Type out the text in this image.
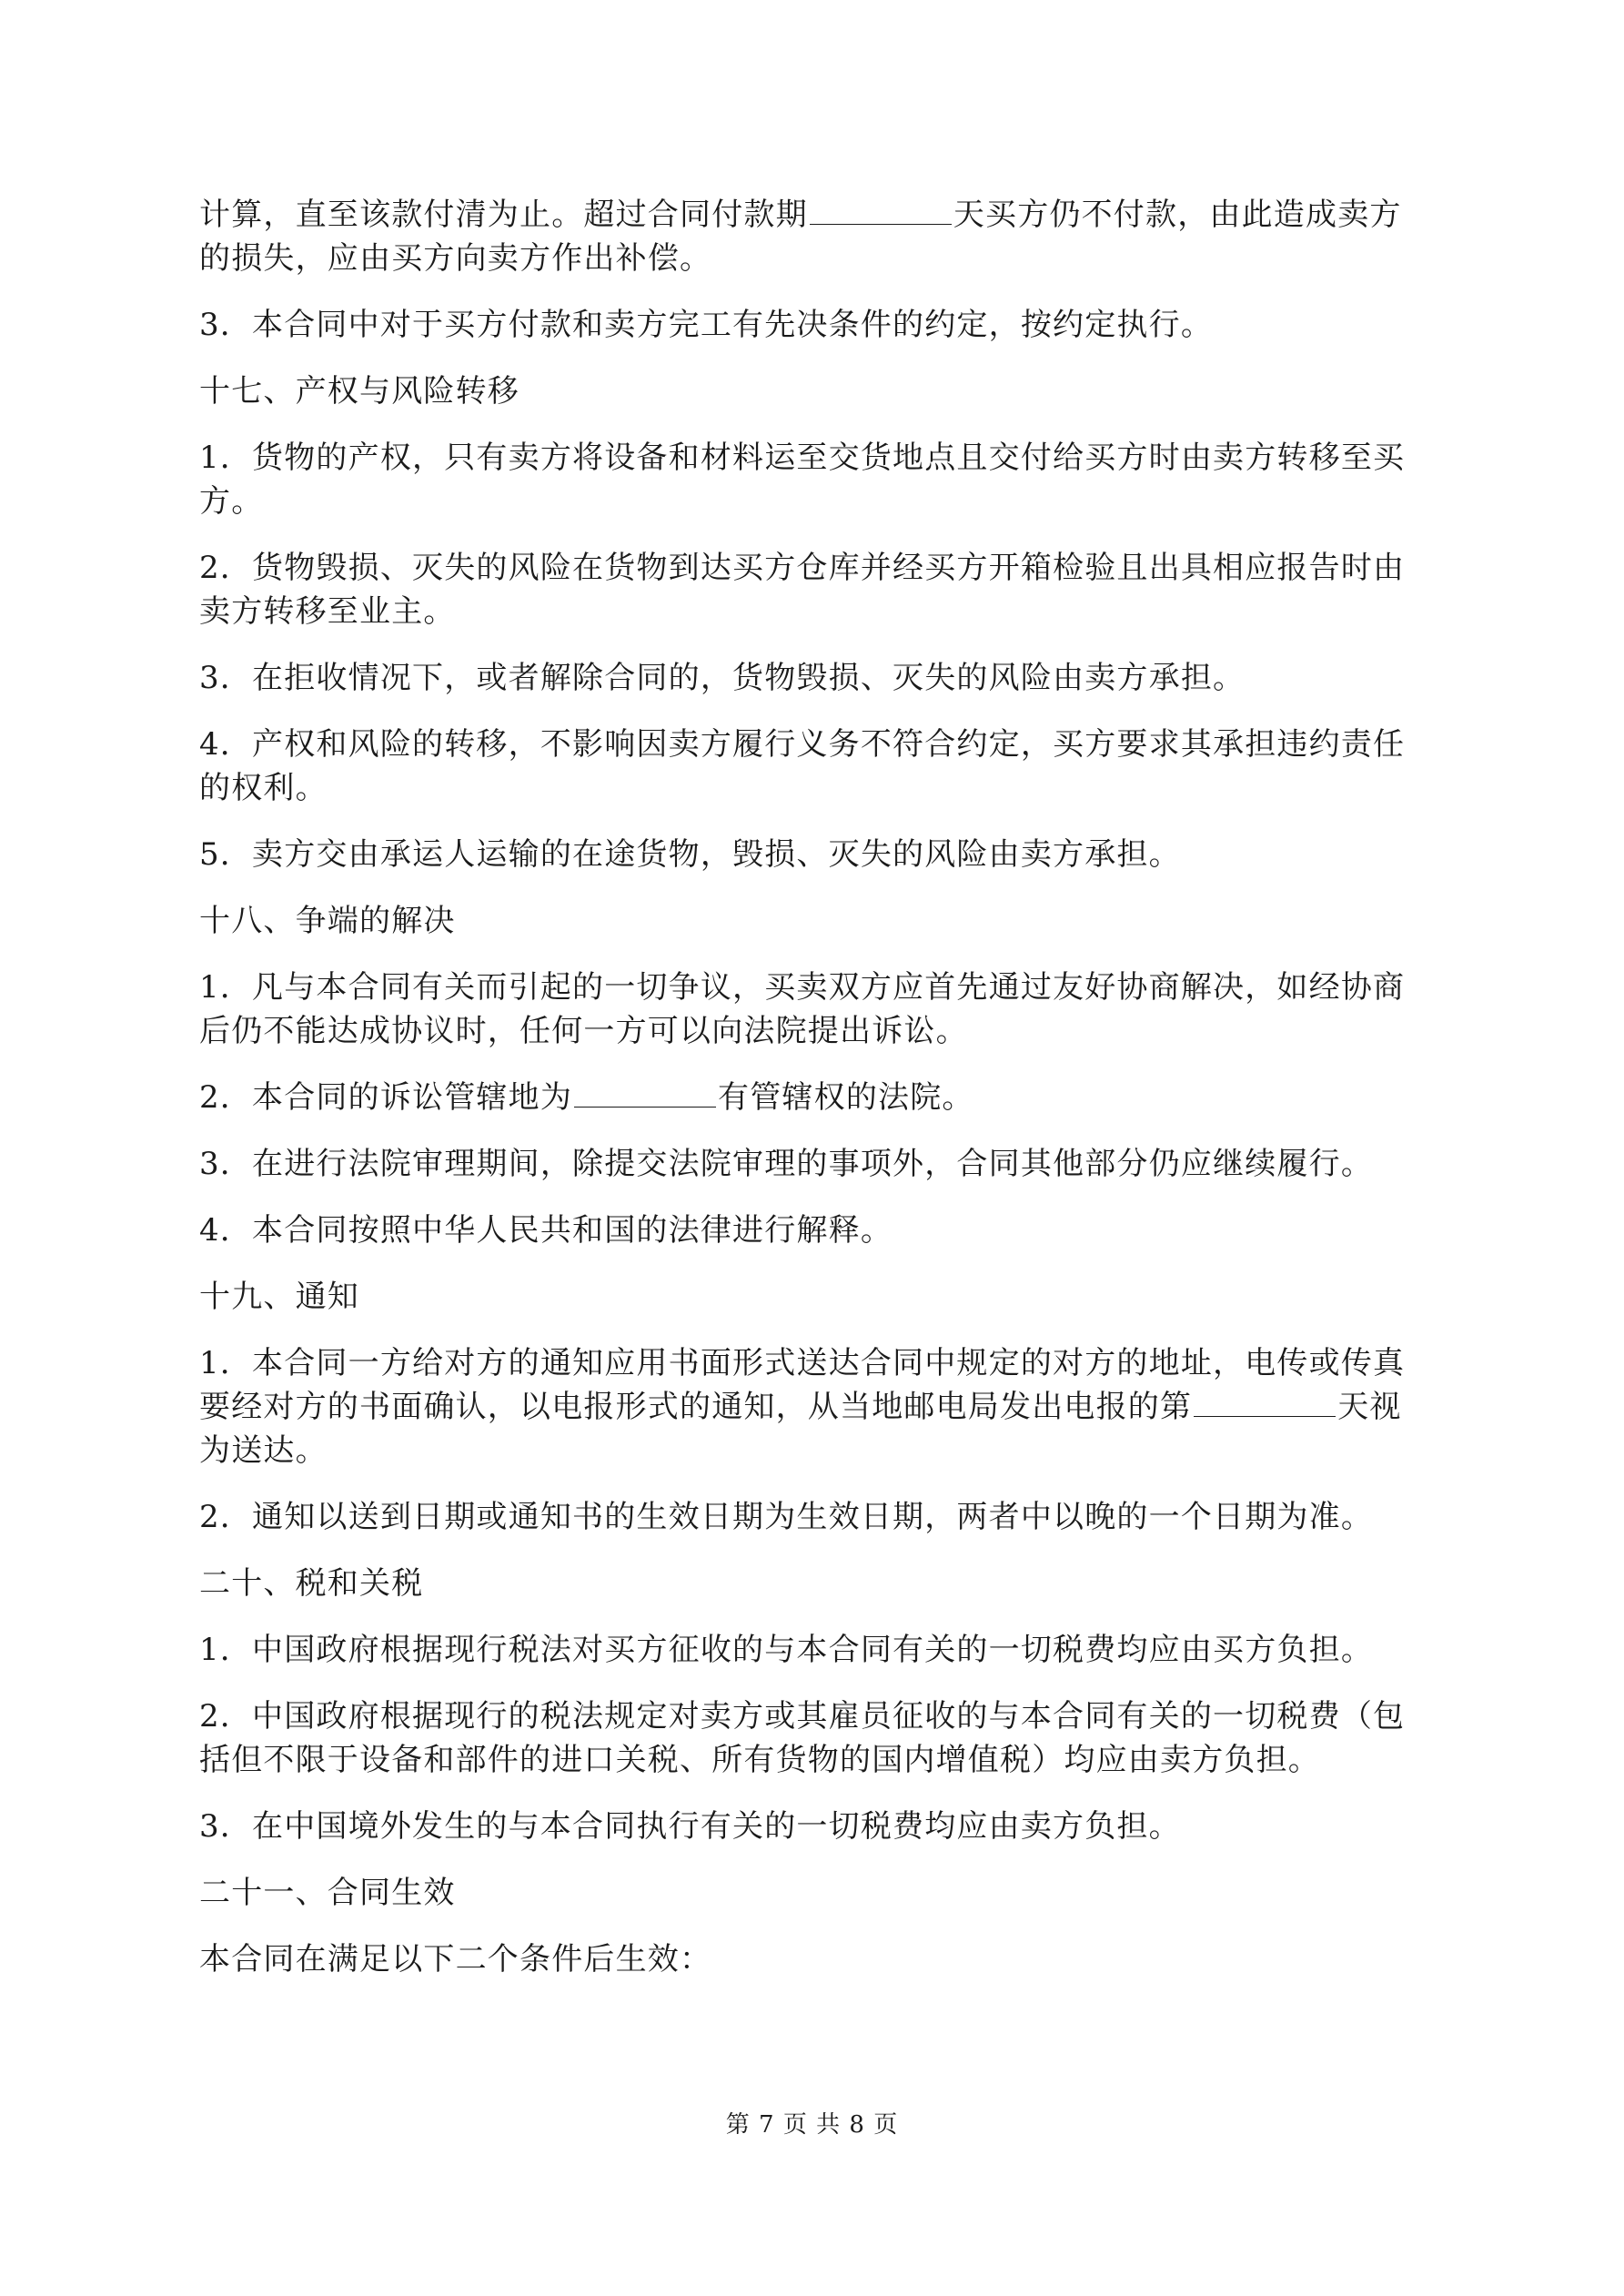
计算，直至该款付清为止。超过合同付款期	天买方仍不付款，由此造成卖方
的损失，应由买方向卖方作出补偿。
3．本合同中对于买方付款和卖方完工有先决条件的约定，按约定执行。
十七、产权与风险转移
1．货物的产权，只有卖方将设备和材料运至交货地点且交付给买方时由卖方转移至买
方。
2．货物毁损、灭失的风险在货物到达买方仓库并经买方开箱检验且出具相应报告时由
卖方转移至业主。
3．在拒收情况下，或者解除合同的，货物毁损、灭失的风险由卖方承担。
4．产权和风险的转移，不影响因卖方履行义务不符合约定，买方要求其承担违约责任
的权利。
5．卖方交由承运人运输的在途货物，毁损、灭失的风险由卖方承担。
十八、争端的解决
1．凡与本合同有关而引起的一切争议，买卖双方应首先通过友好协商解决，如经协商
后仍不能达成协议时，任何一方可以向法院提出诉讼。
2．本合同的诉讼管辖地为	有管辖权的法院。
3．在进行法院审理期间，除提交法院审理的事项外，合同其他部分仍应继续履行。
4．本合同按照中华人民共和国的法律进行解释。
十九、通知
1．本合同一方给对方的通知应用书面形式送达合同中规定的对方的地址，电传或传真
要经对方的书面确认，以电报形式的通知，从当地邮电局发出电报的第	天视
为送达。
2．通知以送到日期或通知书的生效日期为生效日期，两者中以晚的一个日期为准。
二十、税和关税
1．中国政府根据现行税法对买方征收的与本合同有关的一切税费均应由买方负担。
2．中国政府根据现行的税法规定对卖方或其雇员征收的与本合同有关的一切税费（包
括但不限于设备和部件的进口关税、所有货物的国内增值税）均应由卖方负担。
3．在中国境外发生的与本合同执行有关的一切税费均应由卖方负担。
二十一、合同生效
本合同在满足以下二个条件后生效：
第 7 页 共 8 页
